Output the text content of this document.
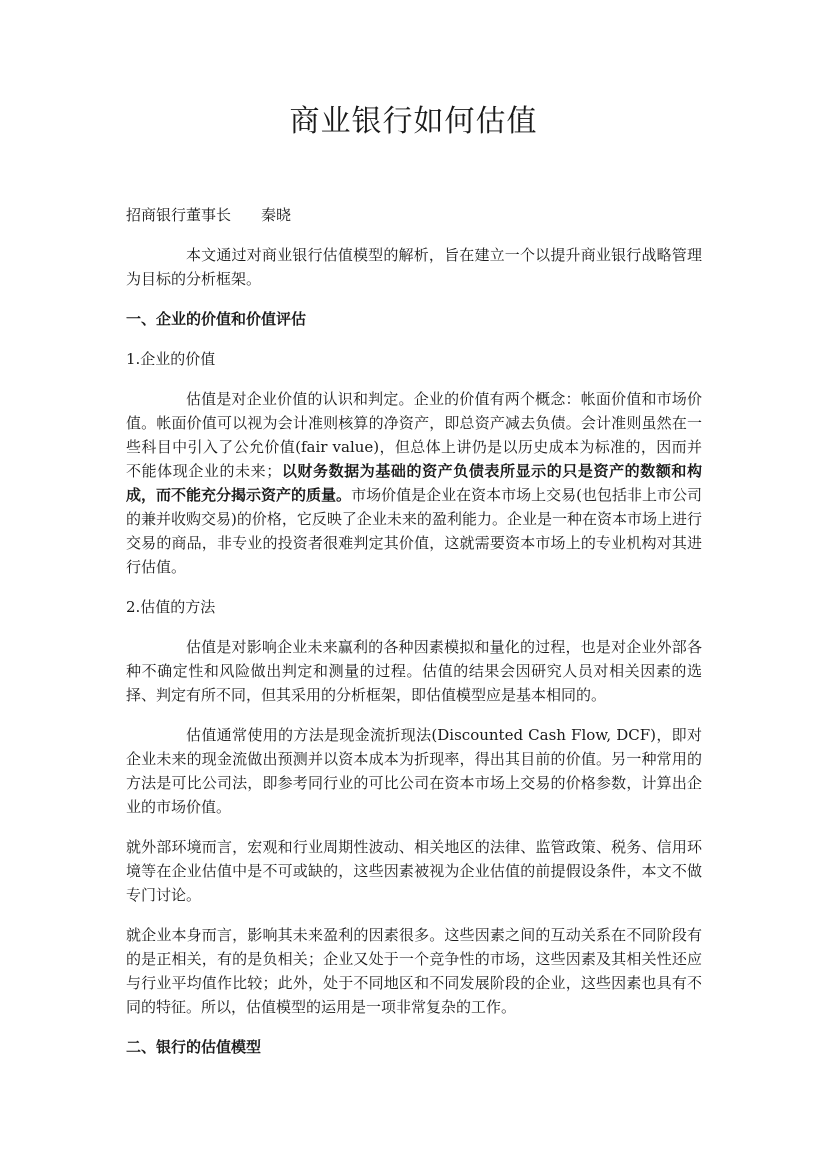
商业银行如何估值
招商银行董事长　　秦晓

本文通过对商业银行估值模型的解析，旨在建立一个以提升商业银行战略管理为目标的分析框架。

一、企业的价值和价值评估
1.企业的价值

估值是对企业价值的认识和判定。企业的价值有两个概念：帐面价值和市场价值。帐面价值可以视为会计准则核算的净资产，即总资产减去负债。会计准则虽然在一些科目中引入了公允价值(fair value)，但总体上讲仍是以历史成本为标准的，因而并不能体现企业的未来；以财务数据为基础的资产负债表所显示的只是资产的数额和构成，而不能充分揭示资产的质量。市场价值是企业在资本市场上交易(也包括非上市公司的兼并收购交易)的价格，它反映了企业未来的盈利能力。企业是一种在资本市场上进行交易的商品，非专业的投资者很难判定其价值，这就需要资本市场上的专业机构对其进行估值。

2.估值的方法

估值是对影响企业未来赢利的各种因素模拟和量化的过程，也是对企业外部各种不确定性和风险做出判定和测量的过程。估值的结果会因研究人员对相关因素的选择、判定有所不同，但其采用的分析框架，即估值模型应是基本相同的。

估值通常使用的方法是现金流折现法(Discounted Cash Flow, DCF)，即对企业未来的现金流做出预测并以资本成本为折现率，得出其目前的价值。另一种常用的方法是可比公司法，即参考同行业的可比公司在资本市场上交易的价格参数，计算出企业的市场价值。

就外部环境而言，宏观和行业周期性波动、相关地区的法律、监管政策、税务、信用环境等在企业估值中是不可或缺的，这些因素被视为企业估值的前提假设条件，本文不做专门讨论。

就企业本身而言，影响其未来盈利的因素很多。这些因素之间的互动关系在不同阶段有的是正相关，有的是负相关；企业又处于一个竞争性的市场，这些因素及其相关性还应与行业平均值作比较；此外，处于不同地区和不同发展阶段的企业，这些因素也具有不同的特征。所以，估值模型的运用是一项非常复杂的工作。

二、银行的估值模型
